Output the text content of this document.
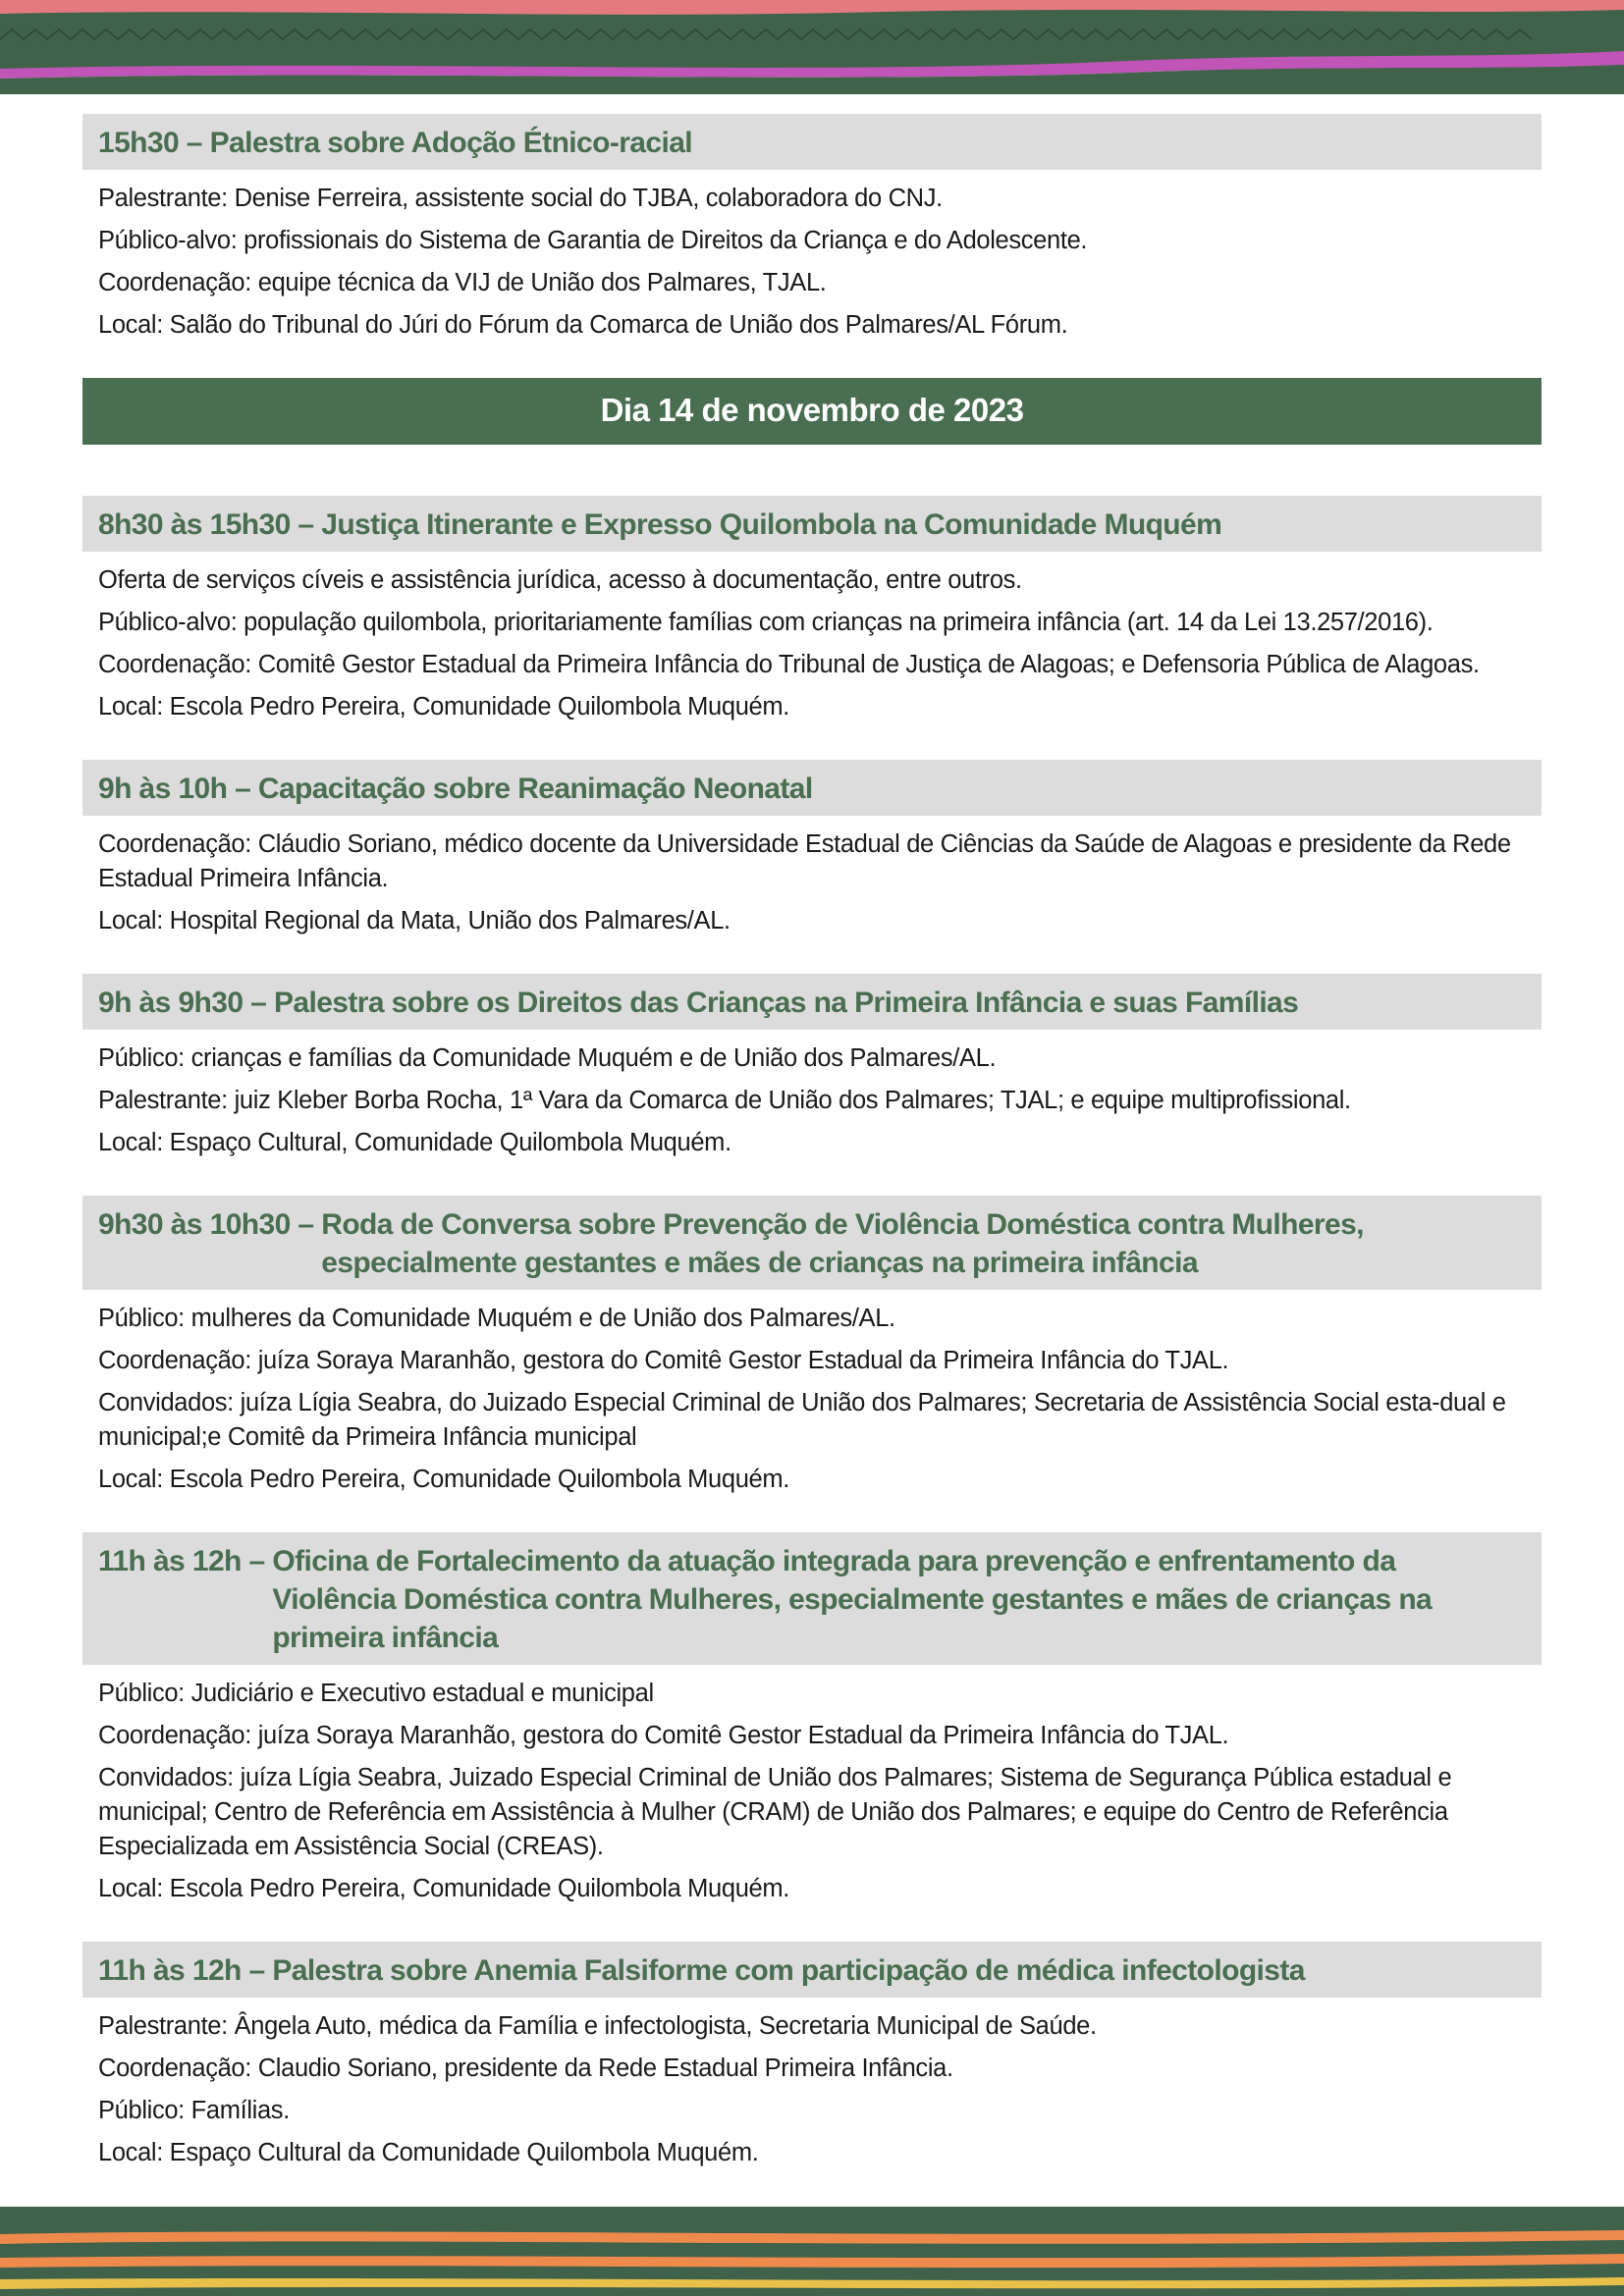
15h30 – Palestra sobre Adoção Étnico-racial

Palestrante: Denise Ferreira, assistente social do TJBA, colaboradora do CNJ.

Público-alvo: profissionais do Sistema de Garantia de Direitos da Criança e do Adolescente.

Coordenação: equipe técnica da VIJ de União dos Palmares, TJAL.

Local: Salão do Tribunal do Júri do Fórum da Comarca de União dos Palmares/AL Fórum.

Dia 14 de novembro de 2023
8h30 às 15h30 – Justiça Itinerante e Expresso Quilombola na Comunidade Muquém

Oferta de serviços cíveis e assistência jurídica, acesso à documentação, entre outros.

Público-alvo: população quilombola, prioritariamente famílias com crianças na primeira infância (art. 14 da Lei 13.257/2016).

Coordenação: Comitê Gestor Estadual da Primeira Infância do Tribunal de Justiça de Alagoas; e Defensoria Pública de Alagoas.

Local: Escola Pedro Pereira, Comunidade Quilombola Muquém.

9h às 10h – Capacitação sobre Reanimação Neonatal

Coordenação: Cláudio Soriano, médico docente da Universidade Estadual de Ciências da Saúde de Alagoas e presidente da Rede Estadual Primeira Infância.

Local: Hospital Regional da Mata, União dos Palmares/AL.

9h às 9h30 – Palestra sobre os Direitos das Crianças na Primeira Infância e suas Famílias

Público: crianças e famílias da Comunidade Muquém e de União dos Palmares/AL.

Palestrante: juiz Kleber Borba Rocha, 1ª Vara da Comarca de União dos Palmares; TJAL; e equipe multiprofissional.

Local: Espaço Cultural, Comunidade Quilombola Muquém.

9h30 às 10h30 – Roda de Conversa sobre Prevenção de Violência Doméstica contra Mulheres, especialmente gestantes e mães de crianças na primeira infância

Público: mulheres da Comunidade Muquém e de União dos Palmares/AL.

Coordenação: juíza Soraya Maranhão, gestora do Comitê Gestor Estadual da Primeira Infância do TJAL.

Convidados: juíza Lígia Seabra, do Juizado Especial Criminal de União dos Palmares; Secretaria de Assistência Social esta-dual e municipal;e Comitê da Primeira Infância municipal

Local: Escola Pedro Pereira, Comunidade Quilombola Muquém.

11h às 12h – Oficina de Fortalecimento da atuação integrada para prevenção e enfrentamento da Violência Doméstica contra Mulheres, especialmente gestantes e mães de crianças na primeira infância

Público: Judiciário e Executivo estadual e municipal

Coordenação: juíza Soraya Maranhão, gestora do Comitê Gestor Estadual da Primeira Infância do TJAL.

Convidados: juíza Lígia Seabra, Juizado Especial Criminal de União dos Palmares; Sistema de Segurança Pública estadual e municipal; Centro de Referência em Assistência à Mulher (CRAM) de União dos Palmares; e equipe do Centro de Referência Especializada em Assistência Social (CREAS).

Local: Escola Pedro Pereira, Comunidade Quilombola Muquém.

11h às 12h – Palestra sobre Anemia Falsiforme com participação de médica infectologista

Palestrante: Ângela Auto, médica da Família e infectologista, Secretaria Municipal de Saúde.

Coordenação: Claudio Soriano, presidente da Rede Estadual Primeira Infância.

Público: Famílias.

Local: Espaço Cultural da Comunidade Quilombola Muquém.
